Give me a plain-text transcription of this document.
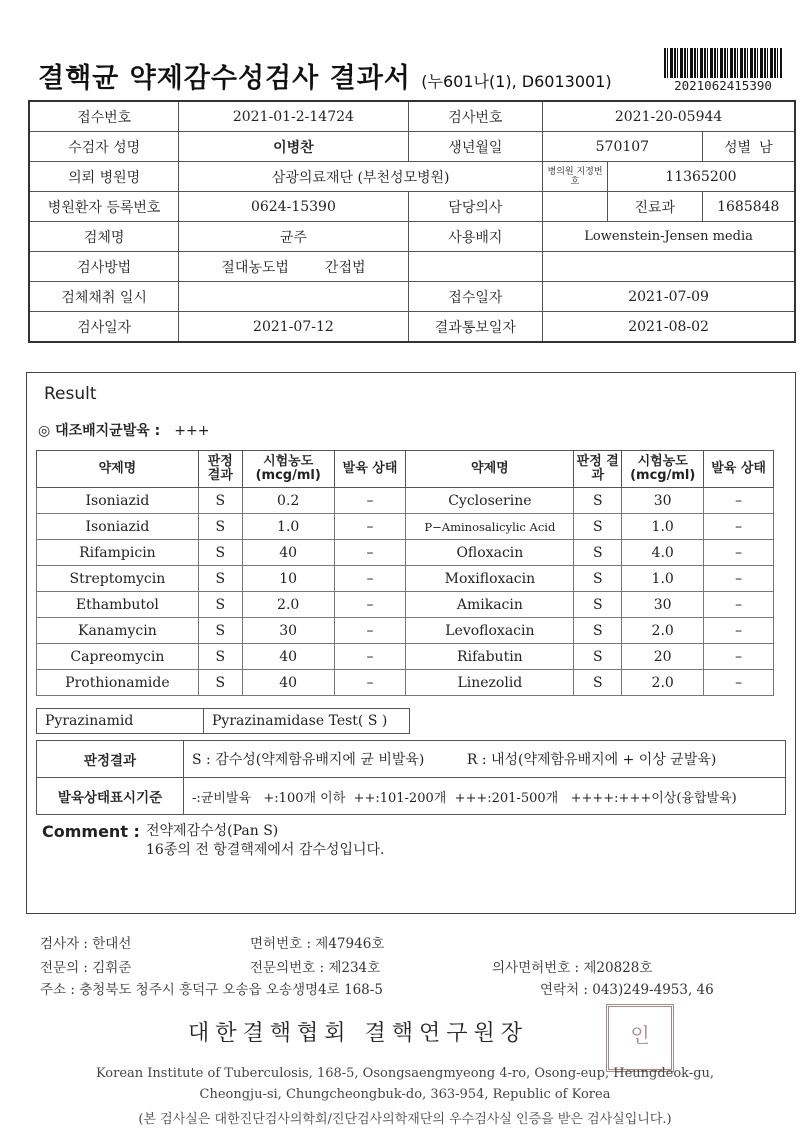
결핵균 약제감수성검사 결과서 (누601나(1), D6013001)	2021062415390
접수번호	2021-01-2-14724	검사번호	2021-20-05944		
수검자 성명	이병찬	생년월일	570107		성별 남
의뢰 병원명	삼광의료재단 (부천성모병원)		병의원 지정번호	11365200	
병원환자 등록번호	0624-15390	담당의사		진료과	1685848
검체명	균주	사용배지	Lowenstein-Jensen media		
검사방법	절대농도법 간접법				
검체채취 일시		접수일자	2021-07-09		
검사일자	2021-07-12	결과통보일자	2021-08-02		
Result
◎ 대조배지균발육 : +++
약제명	판정 결과	시험농도 (mcg/ml)	발육 상태	약제명	판정 결과	시험농도 (mcg/ml)	발육 상태
Isoniazid	S	0.2	–	Cycloserine	S	30	–
Isoniazid	S	1.0	–	P−Aminosalicylic Acid	S	1.0	–
Rifampicin	S	40	–	Ofloxacin	S	4.0	–
Streptomycin	S	10	–	Moxifloxacin	S	1.0	–
Ethambutol	S	2.0	–	Amikacin	S	30	–
Kanamycin	S	30	–	Levofloxacin	S	2.0	–
Capreomycin	S	40	–	Rifabutin	S	20	–
Prothionamide	S	40	–	Linezolid	S	2.0	–
Pyrazinamid	Pyrazinamidase Test( S )
판정결과	S : 감수성(약제함유배지에 균 비발육) R : 내성(약제함유배지에 + 이상 균발육)
발육상태표시기준	-:균비발육   +:100개 이하  ++:101-200개  +++:201-500개   ++++:+++이상(융합발육)
Comment : 전약제감수성(Pan S)
16종의 전 항결핵제에서 감수성입니다.
검사자 : 한대선	면허번호 : 제47946호
전문의 : 김휘준	전문의번호 : 제234호	의사면허번호 : 제20828호
주소 : 충청북도 청주시 흥덕구 오송읍 오송생명4로 168-5	연락처 : 043)249-4953, 46
대한결핵협회 결핵연구원장	인
Korean Institute of Tuberculosis, 168-5, Osongsaengmyeong 4-ro, Osong-eup, Heungdeok-gu,
Cheongju-si, Chungcheongbuk-do, 363-954, Republic of Korea
(본 검사실은 대한진단검사의학회/진단검사의학재단의 우수검사실 인증을 받은 검사실입니다.)
